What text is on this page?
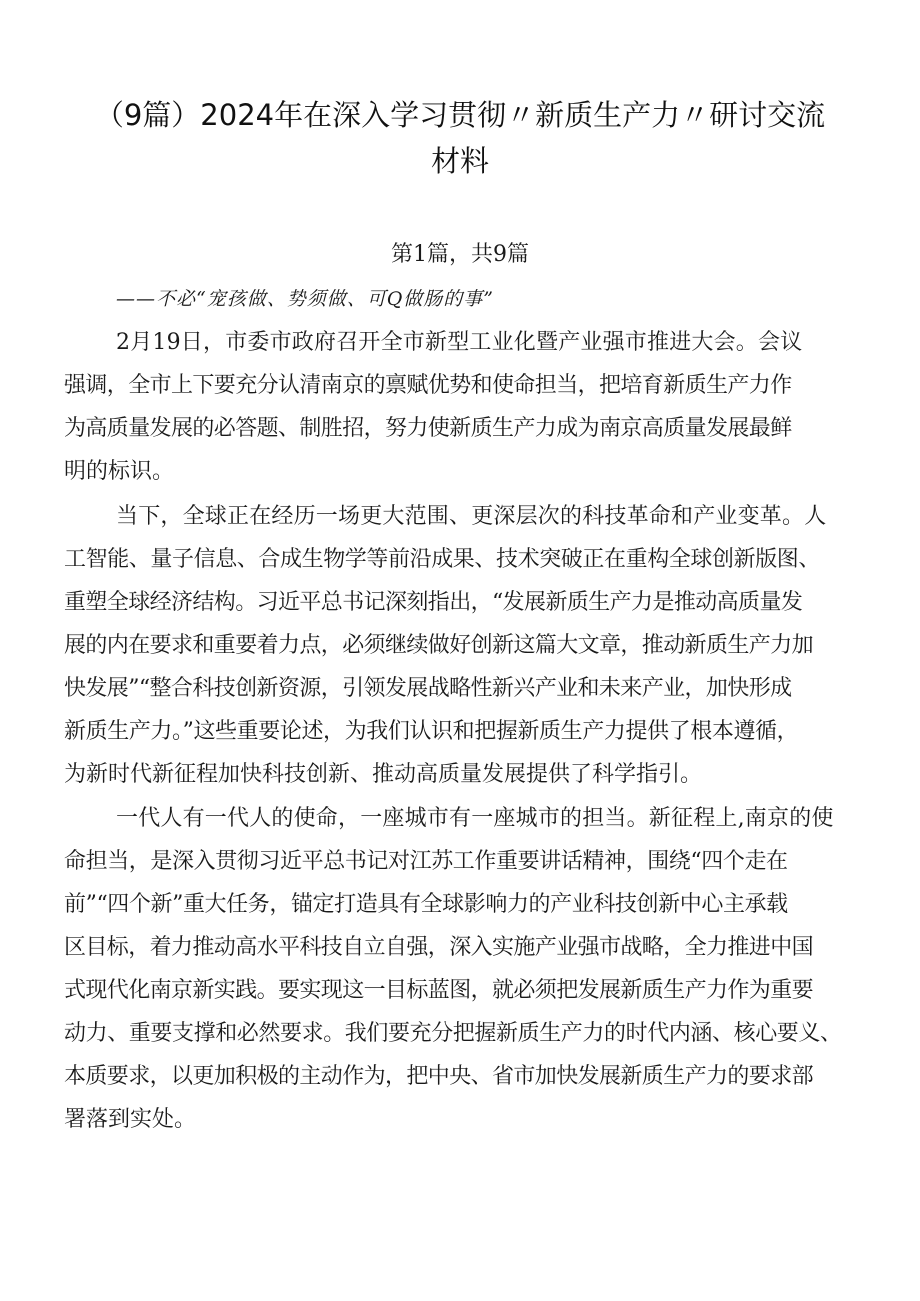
（9篇）2024年在深入学习贯彻〃新质生产力〃研讨交流
材料
第1篇，共9篇
——不必“宠孩做、势须做、可Q做肠的事”
2月19日，市委市政府召开全市新型工业化暨产业强市推进大会。会议
强调，全市上下要充分认清南京的禀赋优势和使命担当，把培育新质生产力作
为高质量发展的必答题、制胜招，努力使新质生产力成为南京高质量发展最鲜
明的标识。
当下，全球正在经历一场更大范围、更深层次的科技革命和产业变革。人
工智能、量子信息、合成生物学等前沿成果、技术突破正在重构全球创新版图、
重塑全球经济结构。习近平总书记深刻指出，“发展新质生产力是推动高质量发
展的内在要求和重要着力点，必须继续做好创新这篇大文章，推动新质生产力加
快发展”“整合科技创新资源，引领发展战略性新兴产业和未来产业，加快形成
新质生产力。”这些重要论述，为我们认识和把握新质生产力提供了根本遵循，
为新时代新征程加快科技创新、推动高质量发展提供了科学指引。
一代人有一代人的使命，一座城市有一座城市的担当。新征程上,南京的使
命担当，是深入贯彻习近平总书记对江苏工作重要讲话精神，围绕“四个走在
前”“四个新”重大任务，锚定打造具有全球影响力的产业科技创新中心主承载
区目标，着力推动高水平科技自立自强，深入实施产业强市战略，全力推进中国
式现代化南京新实践。要实现这一目标蓝图，就必须把发展新质生产力作为重要
动力、重要支撑和必然要求。我们要充分把握新质生产力的时代内涵、核心要义、
本质要求，以更加积极的主动作为，把中央、省市加快发展新质生产力的要求部
署落到实处。
